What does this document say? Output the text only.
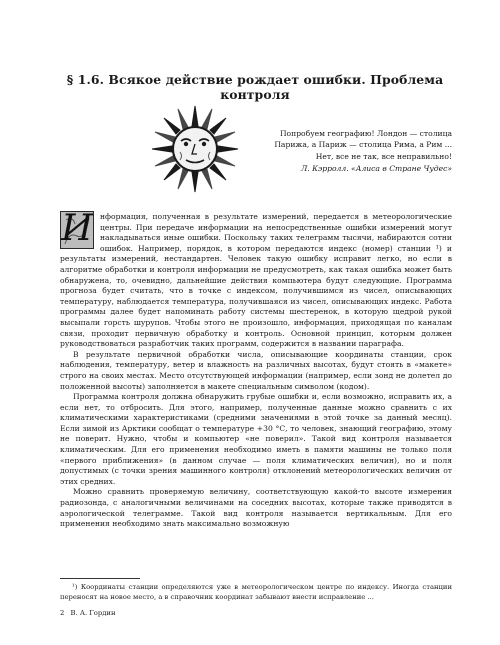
§ 1.6. Всякое действие рождает ошибки. Проблема контроля
Попробуем географию! Лондон — столица Парижа, а Париж — столица Рима, а Рим ... Нет, все не так, все неправильно!
Л. Кэрролл. «Алиса в Стране Чудес»
И нформация, полученная в результате измерений, передается в метеорологические центры. При передаче информации на непосредственные ошибки измерений могут накладываться иные ошибки. Поскольку таких телеграмм тысячи, набираются сотни ошибок. Например, порядок, в котором передаются индекс (номер) станции ¹) и результаты измерений, нестандартен. Человек такую ошибку исправит легко, но если в алгоритме обработки и контроля информации не предусмотреть, как такая ошибка может быть обнаружена, то, очевидно, дальнейшие действия компьютера будут следующие. Программа прогноза будет считать, что в точке с индексом, получившимся из чисел, описывающих температуру, наблюдается температура, получившаяся из чисел, описывающих индекс. Работа программы далее будет напоминать работу системы шестеренок, в которую щедрой рукой высыпали горсть шурупов. Чтобы этого не произошло, информация, приходящая по каналам связи, проходит первичную обработку и контроль. Основной принцип, которым должен руководствоваться разработчик таких программ, содержится в названии параграфа.

В результате первичной обработки числа, описывающие координаты станции, срок наблюдения, температуру, ветер и влажность на различных высотах, будут стоять в «макете» строго на своих местах. Место отсутствующей информации (например, если зонд не долетел до положенной высоты) заполняется в макете специальным символом (кодом).

Программа контроля должна обнаружить грубые ошибки и, если возможно, исправить их, а если нет, то отбросить. Для этого, например, полученные данные можно сравнить с их климатическими характеристиками (средними значениями в этой точке за данный месяц). Если зимой из Арктики сообщат о температуре +30 °С, то человек, знающий географию, этому не поверит. Нужно, чтобы и компьютер «не поверил». Такой вид контроля называется климатическим. Для его применения необходимо иметь в памяти машины не только поля «первого приближения» (в данном случае — поля климатических величин), но и поля допустимых (с точки зрения машинного контроля) отклонений метеорологических величин от этих средних.

Можно сравнить проверяемую величину, соответствующую какой-то высоте измерения радиозонда, с аналогичными величинами на соседних высотах, которые также приводятся в аэрологической телеграмме. Такой вид контроля называется вертикальным. Для его применения необходимо знать максимально возможную

¹) Координаты станции определяются уже в метеорологическом центре по индексу. Иногда станции переносят на новое место, а в справочник координат забывают внести исправление ...
2 В. А. Гордин
